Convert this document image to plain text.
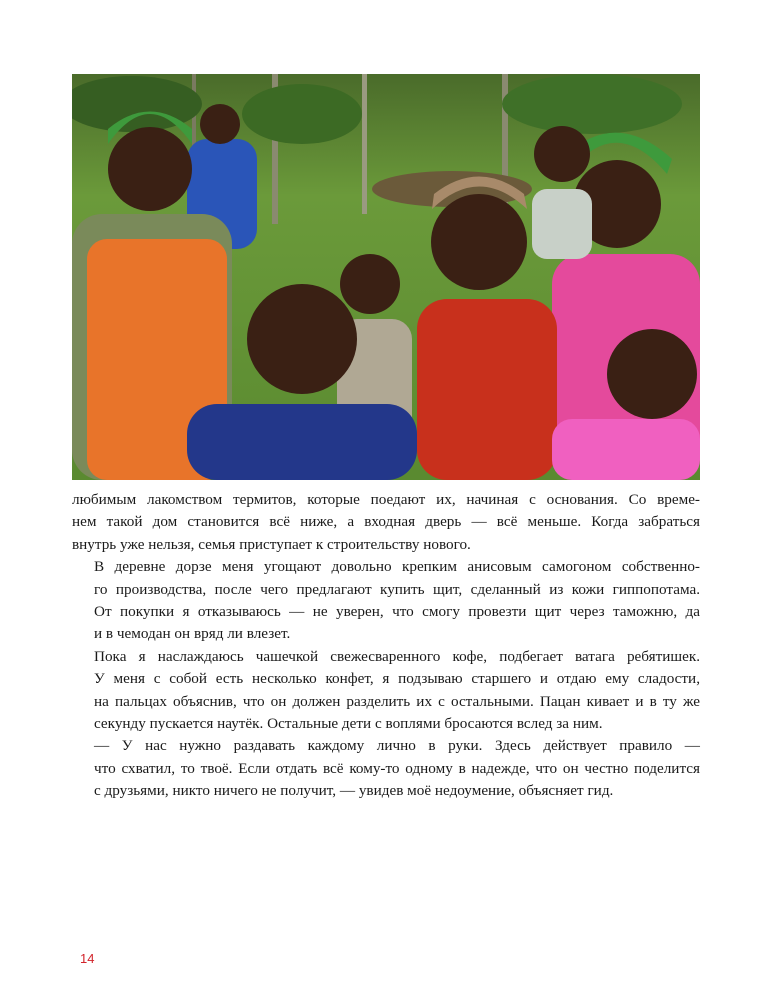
любимым лакомством термитов, которые поедают их, начиная с основания. Со време-
нем такой дом становится всё ниже, а входная дверь — всё меньше. Когда забраться
внутрь уже нельзя, семья приступает к строительству нового.

В деревне дорзе меня угощают довольно крепким анисовым самогоном собственно-
го производства, после чего предлагают купить щит, сделанный из кожи гиппопотама.
От покупки я отказываюсь — не уверен, что смогу провезти щит через таможню, да
и в чемодан он вряд ли влезет.

Пока я наслаждаюсь чашечкой свежесваренного кофе, подбегает ватага ребятишек.
У меня с собой есть несколько конфет, я подзываю старшего и отдаю ему сладости,
на пальцах объяснив, что он должен разделить их с остальными. Пацан кивает и в ту же
секунду пускается наутёк. Остальные дети с воплями бросаются вслед за ним.

— У нас нужно раздавать каждому лично в руки. Здесь действует правило —
что схватил, то твоё. Если отдать всё кому-то одному в надежде, что он честно поделится
с друзьями, никто ничего не получит, — увидев моё недоумение, объясняет гид.

14
